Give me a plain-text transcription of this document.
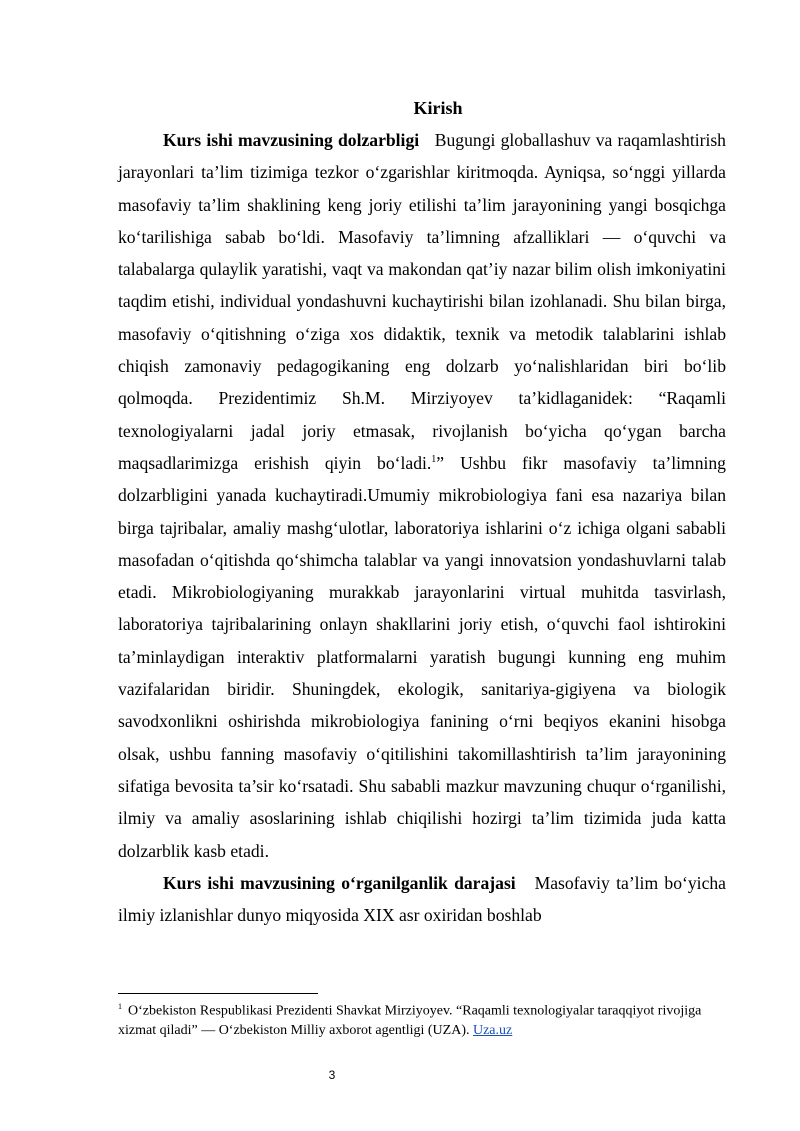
Kirish

Kurs ishi mavzusining dolzarbligi Bugungi globallashuv va raqamlashtirish jarayonlari ta’lim tizimiga tezkor o‘zgarishlar kiritmoqda. Ayniqsa, so‘nggi yillarda masofaviy ta’lim shaklining keng joriy etilishi ta’lim jarayonining yangi bosqichga ko‘tarilishiga sabab bo‘ldi. Masofaviy ta’limning afzalliklari — o‘quvchi va talabalarga qulaylik yaratishi, vaqt va makondan qat’iy nazar bilim olish imkoniyatini taqdim etishi, individual yondashuvni kuchaytirishi bilan izohlanadi. Shu bilan birga, masofaviy o‘qitishning o‘ziga xos didaktik, texnik va metodik talablarini ishlab chiqish zamonaviy pedagogikaning eng dolzarb yo‘nalishlaridan biri bo‘lib qolmoqda. Prezidentimiz Sh.M. Mirziyoyev ta’kidlaganidek: “Raqamli texnologiyalarni jadal joriy etmasak, rivojlanish bo‘yicha qo‘ygan barcha maqsadlarimizga erishish qiyin bo‘ladi.$^1$” Ushbu fikr masofaviy ta’limning dolzarbligini yanada kuchaytiradi.Umumiy mikrobiologiya fani esa nazariya bilan birga tajribalar, amaliy mashg‘ulotlar, laboratoriya ishlarini o‘z ichiga olgani sababli masofadan o‘qitishda qo‘shimcha talablar va yangi innovatsion yondashuvlarni talab etadi. Mikrobiologiyaning murakkab jarayonlarini virtual muhitda tasvirlash, laboratoriya tajribalarining onlayn shakllarini joriy etish, o‘quvchi faol ishtirokini ta’minlaydigan interaktiv platformalarni yaratish bugungi kunning eng muhim vazifalaridan biridir. Shuningdek, ekologik, sanitariya-gigiyena va biologik savodxonlikni oshirishda mikrobiologiya fanining o‘rni beqiyos ekanini hisobga olsak, ushbu fanning masofaviy o‘qitilishini takomillashtirish ta’lim jarayonining sifatiga bevosita ta’sir ko‘rsatadi. Shu sababli mazkur mavzuning chuqur o‘rganilishi, ilmiy va amaliy asoslarining ishlab chiqilishi hozirgi ta’lim tizimida juda katta dolzarblik kasb etadi.

Kurs ishi mavzusining o‘rganilganlik darajasi Masofaviy ta’lim bo‘yicha ilmiy izlanishlar dunyo miqyosida XIX asr oxiridan boshlab

$^1$ O‘zbekiston Respublikasi Prezidenti Shavkat Mirziyoyev. “Raqamli texnologiyalar taraqqiyot rivojiga xizmat qiladi” — O‘zbekiston Milliy axborot agentligi (UZA). Uza.uz
3
